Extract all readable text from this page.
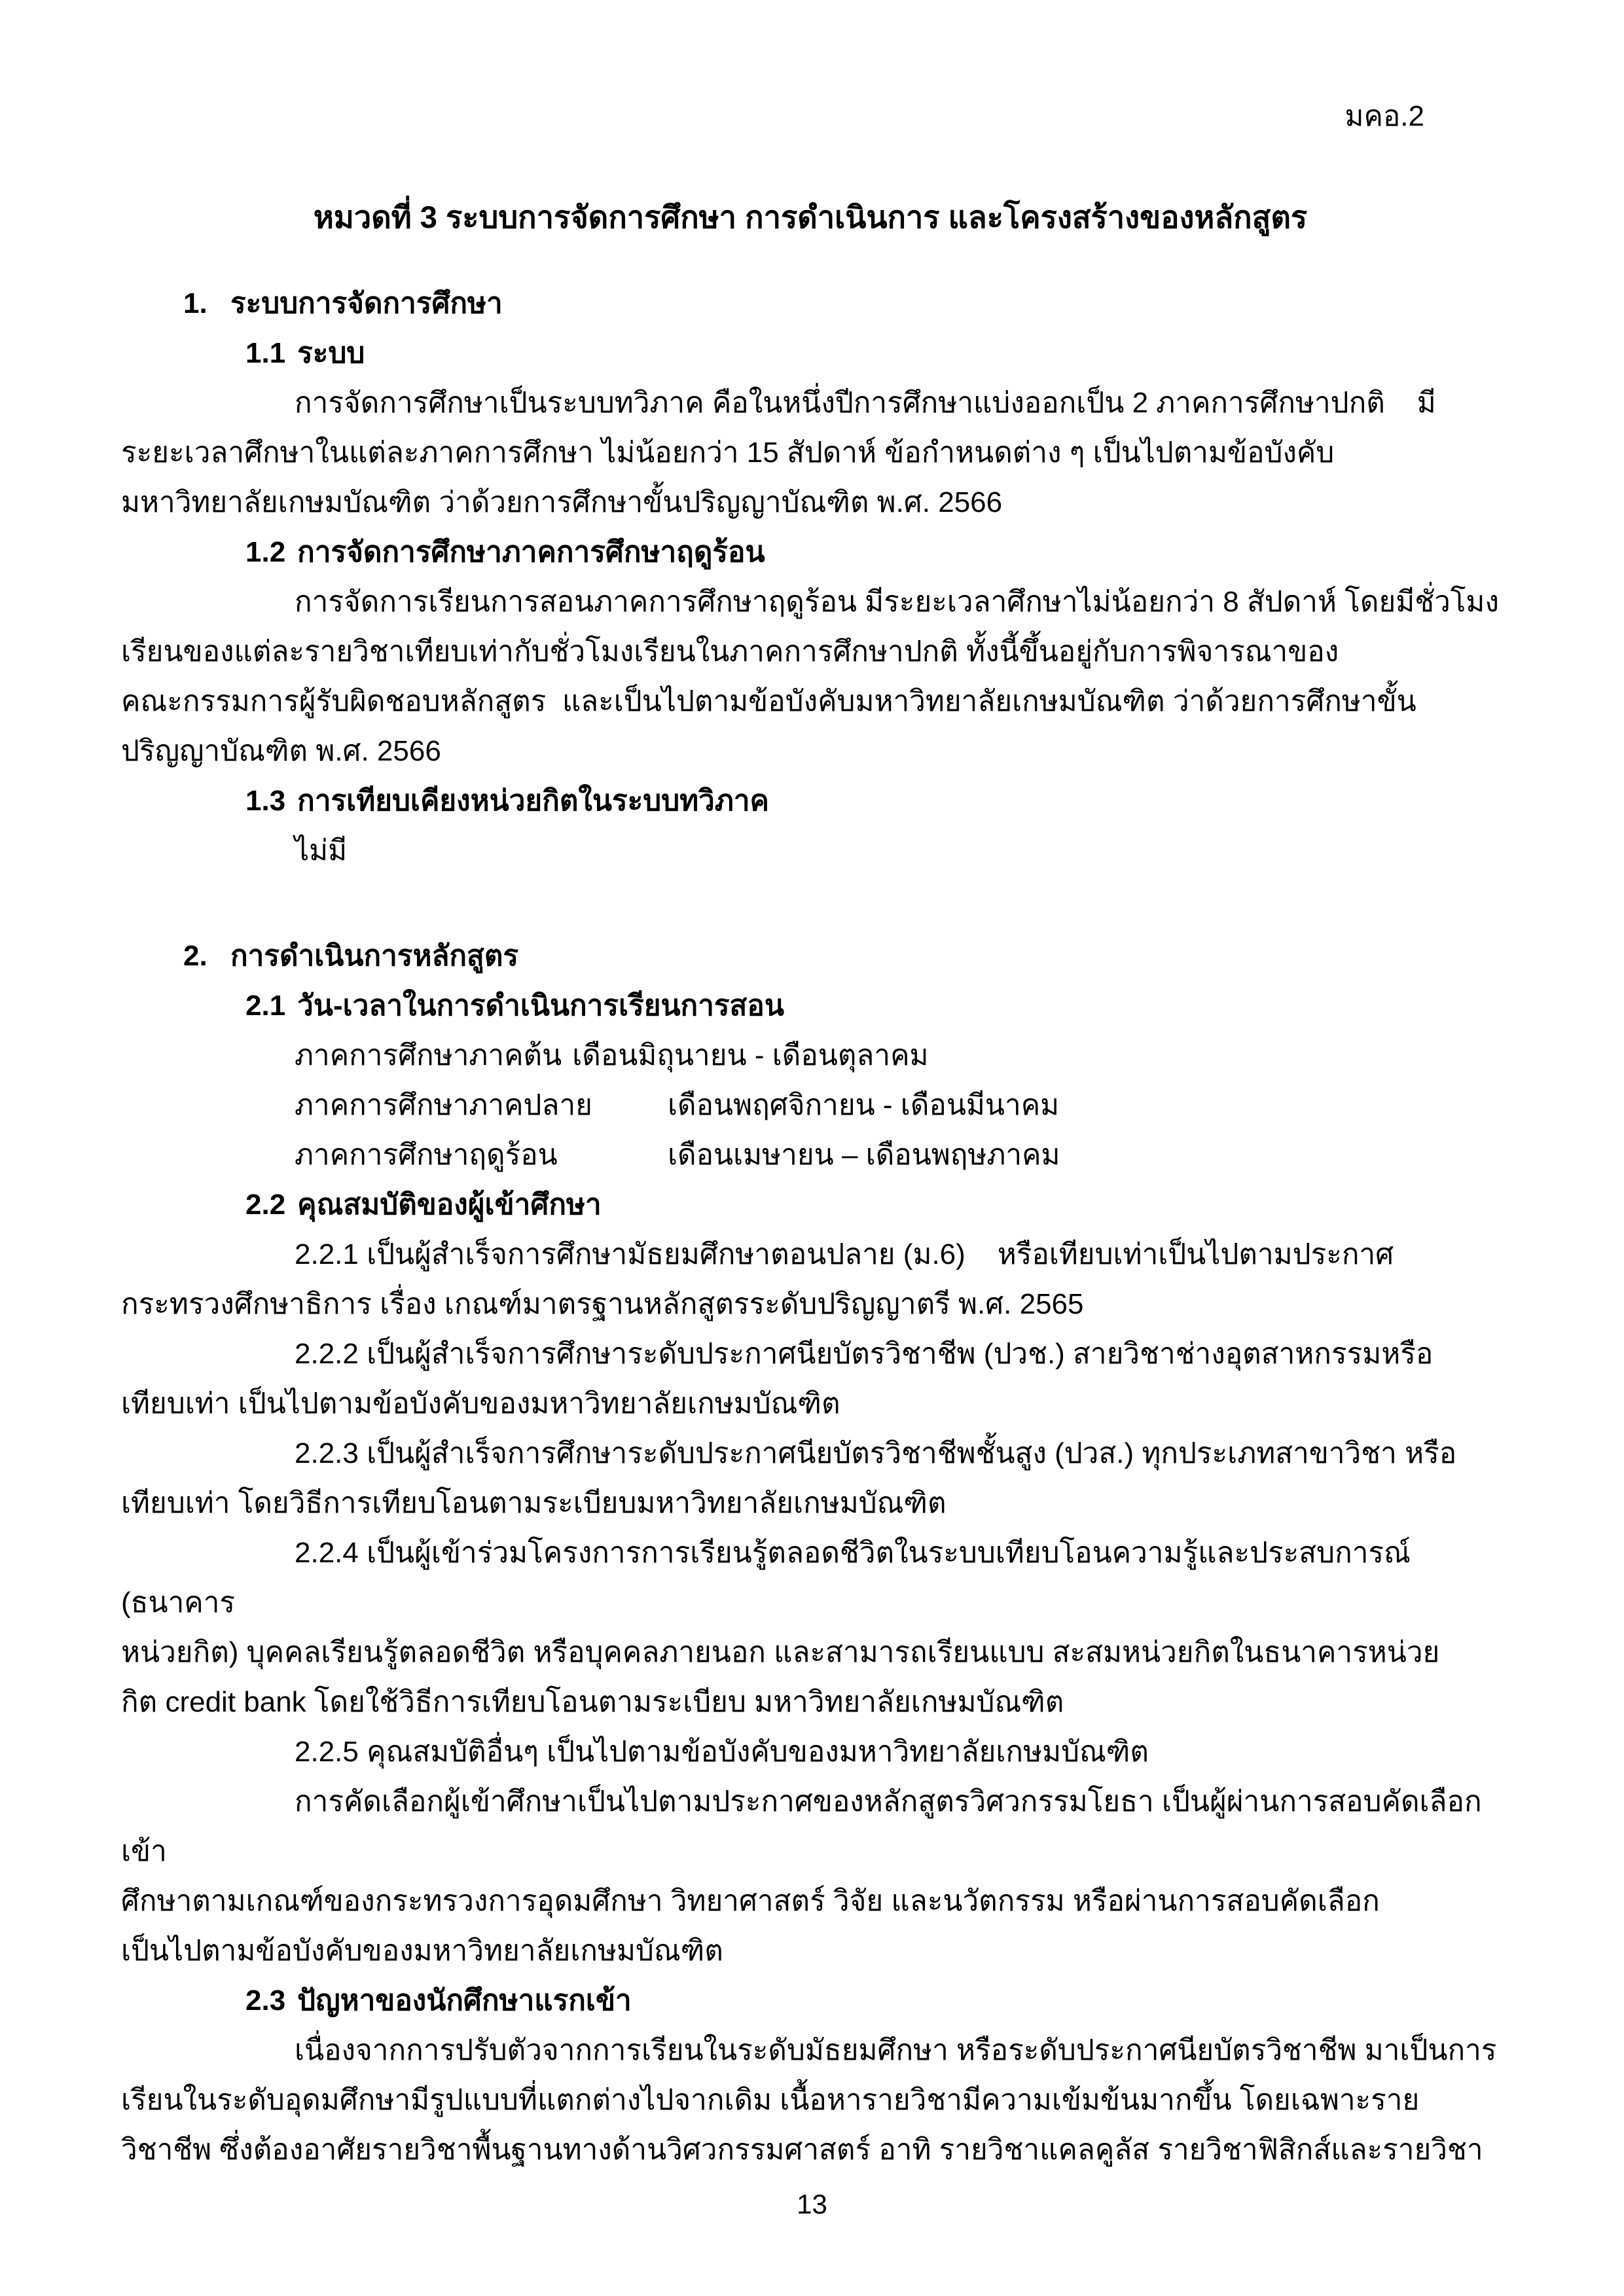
มคอ.2
หมวดที่ 3 ระบบการจัดการศึกษา การดำเนินการ และโครงสร้างของหลักสูตร
1. ระบบการจัดการศึกษา
1.1 ระบบ
การจัดการศึกษาเป็นระบบทวิภาค คือในหนึ่งปีการศึกษาแบ่งออกเป็น 2 ภาคการศึกษาปกติ    มี
ระยะเวลาศึกษาในแต่ละภาคการศึกษา ไม่น้อยกว่า 15 สัปดาห์ ข้อกำหนดต่าง ๆ เป็นไปตามข้อบังคับ
มหาวิทยาลัยเกษมบัณฑิต ว่าด้วยการศึกษาขั้นปริญญาบัณฑิต พ.ศ. 2566
1.2 การจัดการศึกษาภาคการศึกษาฤดูร้อน
การจัดการเรียนการสอนภาคการศึกษาฤดูร้อน มีระยะเวลาศึกษาไม่น้อยกว่า 8 สัปดาห์ โดยมีชั่วโมง
เรียนของแต่ละรายวิชาเทียบเท่ากับชั่วโมงเรียนในภาคการศึกษาปกติ ทั้งนี้ขึ้นอยู่กับการพิจารณาของ
คณะกรรมการผู้รับผิดชอบหลักสูตร  และเป็นไปตามข้อบังคับมหาวิทยาลัยเกษมบัณฑิต ว่าด้วยการศึกษาขั้น
ปริญญาบัณฑิต พ.ศ. 2566
1.3 การเทียบเคียงหน่วยกิตในระบบทวิภาค
ไม่มี
2. การดำเนินการหลักสูตร
2.1 วัน-เวลาในการดำเนินการเรียนการสอน
ภาคการศึกษาภาคต้น เดือนมิถุนายน - เดือนตุลาคม
ภาคการศึกษาภาคปลาย	เดือนพฤศจิกายน - เดือนมีนาคม
ภาคการศึกษาฤดูร้อน	เดือนเมษายน – เดือนพฤษภาคม
2.2 คุณสมบัติของผู้เข้าศึกษา
2.2.1 เป็นผู้สำเร็จการศึกษามัธยมศึกษาตอนปลาย (ม.6)    หรือเทียบเท่าเป็นไปตามประกาศ
กระทรวงศึกษาธิการ เรื่อง เกณฑ์มาตรฐานหลักสูตรระดับปริญญาตรี พ.ศ. 2565
2.2.2 เป็นผู้สำเร็จการศึกษาระดับประกาศนียบัตรวิชาชีพ (ปวช.) สายวิชาช่างอุตสาหกรรมหรือ
เทียบเท่า เป็นไปตามข้อบังคับของมหาวิทยาลัยเกษมบัณฑิต
2.2.3 เป็นผู้สำเร็จการศึกษาระดับประกาศนียบัตรวิชาชีพชั้นสูง (ปวส.) ทุกประเภทสาขาวิชา หรือ
เทียบเท่า โดยวิธีการเทียบโอนตามระเบียบมหาวิทยาลัยเกษมบัณฑิต
2.2.4 เป็นผู้เข้าร่วมโครงการการเรียนรู้ตลอดชีวิตในระบบเทียบโอนความรู้และประสบการณ์ (ธนาคาร
หน่วยกิต) บุคคลเรียนรู้ตลอดชีวิต หรือบุคคลภายนอก และสามารถเรียนแบบ สะสมหน่วยกิตในธนาคารหน่วย
กิต credit bank โดยใช้วิธีการเทียบโอนตามระเบียบ มหาวิทยาลัยเกษมบัณฑิต
2.2.5 คุณสมบัติอื่นๆ เป็นไปตามข้อบังคับของมหาวิทยาลัยเกษมบัณฑิต
การคัดเลือกผู้เข้าศึกษาเป็นไปตามประกาศของหลักสูตรวิศวกรรมโยธา เป็นผู้ผ่านการสอบคัดเลือกเข้า
ศึกษาตามเกณฑ์ของกระทรวงการอุดมศึกษา วิทยาศาสตร์ วิจัย และนวัตกรรม หรือผ่านการสอบคัดเลือก
เป็นไปตามข้อบังคับของมหาวิทยาลัยเกษมบัณฑิต
2.3 ปัญหาของนักศึกษาแรกเข้า
เนื่องจากการปรับตัวจากการเรียนในระดับมัธยมศึกษา หรือระดับประกาศนียบัตรวิชาชีพ มาเป็นการ
เรียนในระดับอุดมศึกษามีรูปแบบที่แตกต่างไปจากเดิม เนื้อหารายวิชามีความเข้มข้นมากขึ้น โดยเฉพาะราย
วิชาชีพ ซึ่งต้องอาศัยรายวิชาพื้นฐานทางด้านวิศวกรรมศาสตร์ อาทิ รายวิชาแคลคูลัส รายวิชาฟิสิกส์และรายวิชา
13
